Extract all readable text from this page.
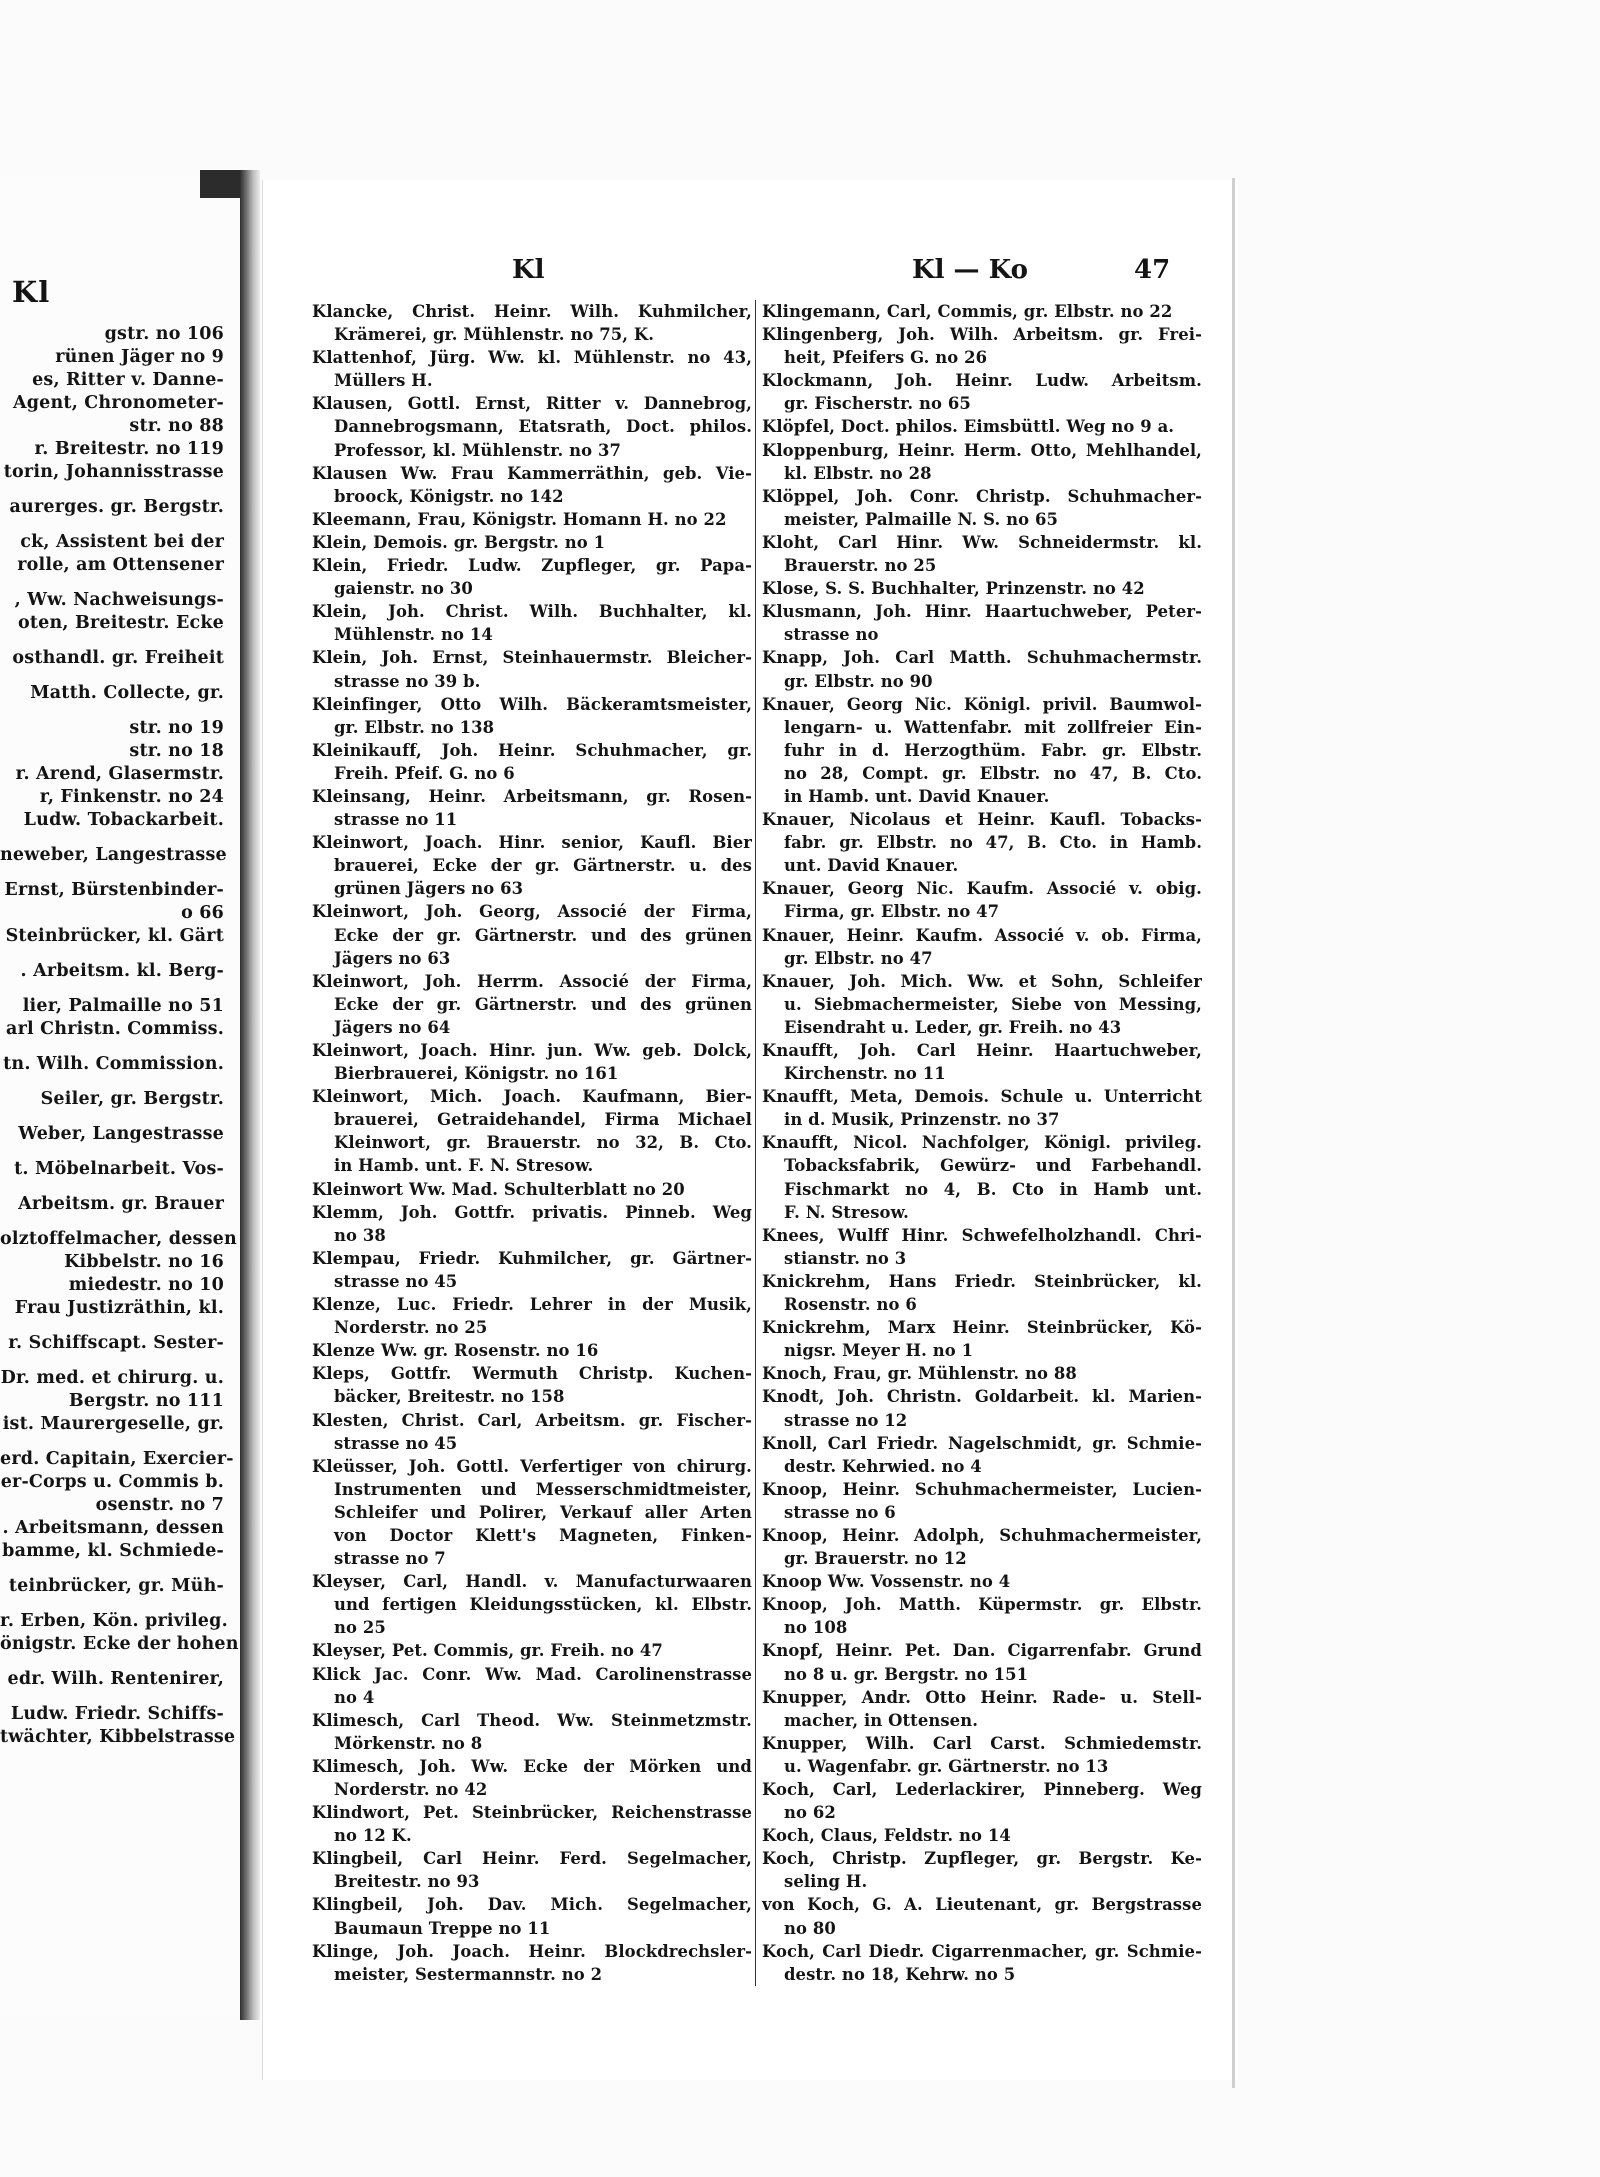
Kl
gstr. no 106
rünen Jäger no 9
es, Ritter v. Danne-
Agent, Chronometer-
str. no 88
r. Breitestr. no 119
torin, Johannisstrasse
aurerges. gr. Bergstr.
ck, Assistent bei der
rolle, am Ottensener
, Ww. Nachweisungs-
oten, Breitestr. Ecke
osthandl. gr. Freiheit
Matth. Collecte, gr.
str. no 19
str. no 18
r. Arend, Glasermstr.
r, Finkenstr. no 24
Ludw. Tobackarbeit.
neweber, Langestrasse
Ernst, Bürstenbinder-
o 66
Steinbrücker, kl. Gärt
. Arbeitsm. kl. Berg-
lier, Palmaille no 51
arl Christn. Commiss.
tn. Wilh. Commission.
Seiler, gr. Bergstr.
Weber, Langestrasse
t. Möbelnarbeit. Vos-
Arbeitsm. gr. Brauer
olztoffelmacher, dessen
Kibbelstr. no 16
miedestr. no 10
Frau Justizräthin, kl.
r. Schiffscapt. Sester-
Dr. med. et chirurg. u.
Bergstr. no 111
ist. Maurergeselle, gr.
erd. Capitain, Exercier-
er-Corps u. Commis b.
osenstr. no 7
. Arbeitsmann, dessen
bamme, kl. Schmiede-
teinbrücker, gr. Müh-
r. Erben, Kön. privileg.
önigstr. Ecke der hohen
edr. Wilh. Rentenirer,
Ludw. Friedr. Schiffs-
twächter, Kibbelstrasse
Kl	Kl — Ko	47
Klancke, Christ. Heinr. Wilh. Kuhmilcher,
Krämerei, gr. Mühlenstr. no 75, K.
Klattenhof, Jürg. Ww. kl. Mühlenstr. no 43,
Müllers H.
Klausen, Gottl. Ernst, Ritter v. Dannebrog,
Dannebrogsmann, Etatsrath, Doct. philos.
Professor, kl. Mühlenstr. no 37
Klausen Ww. Frau Kammerräthin, geb. Vie-
broock, Königstr. no 142
Kleemann, Frau, Königstr. Homann H. no 22
Klein, Demois. gr. Bergstr. no 1
Klein, Friedr. Ludw. Zupfleger, gr. Papa-
gaienstr. no 30
Klein, Joh. Christ. Wilh. Buchhalter, kl.
Mühlenstr. no 14
Klein, Joh. Ernst, Steinhauermstr. Bleicher-
strasse no 39 b.
Kleinfinger, Otto Wilh. Bäckeramtsmeister,
gr. Elbstr. no 138
Kleinikauff, Joh. Heinr. Schuhmacher, gr.
Freih. Pfeif. G. no 6
Kleinsang, Heinr. Arbeitsmann, gr. Rosen-
strasse no 11
Kleinwort, Joach. Hinr. senior, Kaufl. Bier
brauerei, Ecke der gr. Gärtnerstr. u. des
grünen Jägers no 63
Kleinwort, Joh. Georg, Associé der Firma,
Ecke der gr. Gärtnerstr. und des grünen
Jägers no 63
Kleinwort, Joh. Herrm. Associé der Firma,
Ecke der gr. Gärtnerstr. und des grünen
Jägers no 64
Kleinwort, Joach. Hinr. jun. Ww. geb. Dolck,
Bierbrauerei, Königstr. no 161
Kleinwort, Mich. Joach. Kaufmann, Bier-
brauerei, Getraidehandel, Firma Michael
Kleinwort, gr. Brauerstr. no 32, B. Cto.
in Hamb. unt. F. N. Stresow.
Kleinwort Ww. Mad. Schulterblatt no 20
Klemm, Joh. Gottfr. privatis. Pinneb. Weg
no 38
Klempau, Friedr. Kuhmilcher, gr. Gärtner-
strasse no 45
Klenze, Luc. Friedr. Lehrer in der Musik,
Norderstr. no 25
Klenze Ww. gr. Rosenstr. no 16
Kleps, Gottfr. Wermuth Christp. Kuchen-
bäcker, Breitestr. no 158
Klesten, Christ. Carl, Arbeitsm. gr. Fischer-
strasse no 45
Kleüsser, Joh. Gottl. Verfertiger von chirurg.
Instrumenten und Messerschmidtmeister,
Schleifer und Polirer, Verkauf aller Arten
von Doctor Klett's Magneten, Finken-
strasse no 7
Kleyser, Carl, Handl. v. Manufacturwaaren
und fertigen Kleidungsstücken, kl. Elbstr.
no 25
Kleyser, Pet. Commis, gr. Freih. no 47
Klick Jac. Conr. Ww. Mad. Carolinenstrasse
no 4
Klimesch, Carl Theod. Ww. Steinmetzmstr.
Mörkenstr. no 8
Klimesch, Joh. Ww. Ecke der Mörken und
Norderstr. no 42
Klindwort, Pet. Steinbrücker, Reichenstrasse
no 12 K.
Klingbeil, Carl Heinr. Ferd. Segelmacher,
Breitestr. no 93
Klingbeil, Joh. Dav. Mich. Segelmacher,
Baumaun Treppe no 11
Klinge, Joh. Joach. Heinr. Blockdrechsler-
meister, Sestermannstr. no 2
Klingemann, Carl, Commis, gr. Elbstr. no 22
Klingenberg, Joh. Wilh. Arbeitsm. gr. Frei-
heit, Pfeifers G. no 26
Klockmann, Joh. Heinr. Ludw. Arbeitsm.
gr. Fischerstr. no 65
Klöpfel, Doct. philos. Eimsbüttl. Weg no 9 a.
Kloppenburg, Heinr. Herm. Otto, Mehlhandel,
kl. Elbstr. no 28
Klöppel, Joh. Conr. Christp. Schuhmacher-
meister, Palmaille N. S. no 65
Kloht, Carl Hinr. Ww. Schneidermstr. kl.
Brauerstr. no 25
Klose, S. S. Buchhalter, Prinzenstr. no 42
Klusmann, Joh. Hinr. Haartuchweber, Peter-
strasse no
Knapp, Joh. Carl Matth. Schuhmachermstr.
gr. Elbstr. no 90
Knauer, Georg Nic. Königl. privil. Baumwol-
lengarn- u. Wattenfabr. mit zollfreier Ein-
fuhr in d. Herzogthüm. Fabr. gr. Elbstr.
no 28, Compt. gr. Elbstr. no 47, B. Cto.
in Hamb. unt. David Knauer.
Knauer, Nicolaus et Heinr. Kaufl. Tobacks-
fabr. gr. Elbstr. no 47, B. Cto. in Hamb.
unt. David Knauer.
Knauer, Georg Nic. Kaufm. Associé v. obig.
Firma, gr. Elbstr. no 47
Knauer, Heinr. Kaufm. Associé v. ob. Firma,
gr. Elbstr. no 47
Knauer, Joh. Mich. Ww. et Sohn, Schleifer
u. Siebmachermeister, Siebe von Messing,
Eisendraht u. Leder, gr. Freih. no 43
Knaufft, Joh. Carl Heinr. Haartuchweber,
Kirchenstr. no 11
Knaufft, Meta, Demois. Schule u. Unterricht
in d. Musik, Prinzenstr. no 37
Knaufft, Nicol. Nachfolger, Königl. privileg.
Tobacksfabrik, Gewürz- und Farbehandl.
Fischmarkt no 4, B. Cto in Hamb unt.
F. N. Stresow.
Knees, Wulff Hinr. Schwefelholzhandl. Chri-
stianstr. no 3
Knickrehm, Hans Friedr. Steinbrücker, kl.
Rosenstr. no 6
Knickrehm, Marx Heinr. Steinbrücker, Kö-
nigsr. Meyer H. no 1
Knoch, Frau, gr. Mühlenstr. no 88
Knodt, Joh. Christn. Goldarbeit. kl. Marien-
strasse no 12
Knoll, Carl Friedr. Nagelschmidt, gr. Schmie-
destr. Kehrwied. no 4
Knoop, Heinr. Schuhmachermeister, Lucien-
strasse no 6
Knoop, Heinr. Adolph, Schuhmachermeister,
gr. Brauerstr. no 12
Knoop Ww. Vossenstr. no 4
Knoop, Joh. Matth. Küpermstr. gr. Elbstr.
no 108
Knopf, Heinr. Pet. Dan. Cigarrenfabr. Grund
no 8 u. gr. Bergstr. no 151
Knupper, Andr. Otto Heinr. Rade- u. Stell-
macher, in Ottensen.
Knupper, Wilh. Carl Carst. Schmiedemstr.
u. Wagenfabr. gr. Gärtnerstr. no 13
Koch, Carl, Lederlackirer, Pinneberg. Weg
no 62
Koch, Claus, Feldstr. no 14
Koch, Christp. Zupfleger, gr. Bergstr. Ke-
seling H.
von Koch, G. A. Lieutenant, gr. Bergstrasse
no 80
Koch, Carl Diedr. Cigarrenmacher, gr. Schmie-
destr. no 18, Kehrw. no 5
